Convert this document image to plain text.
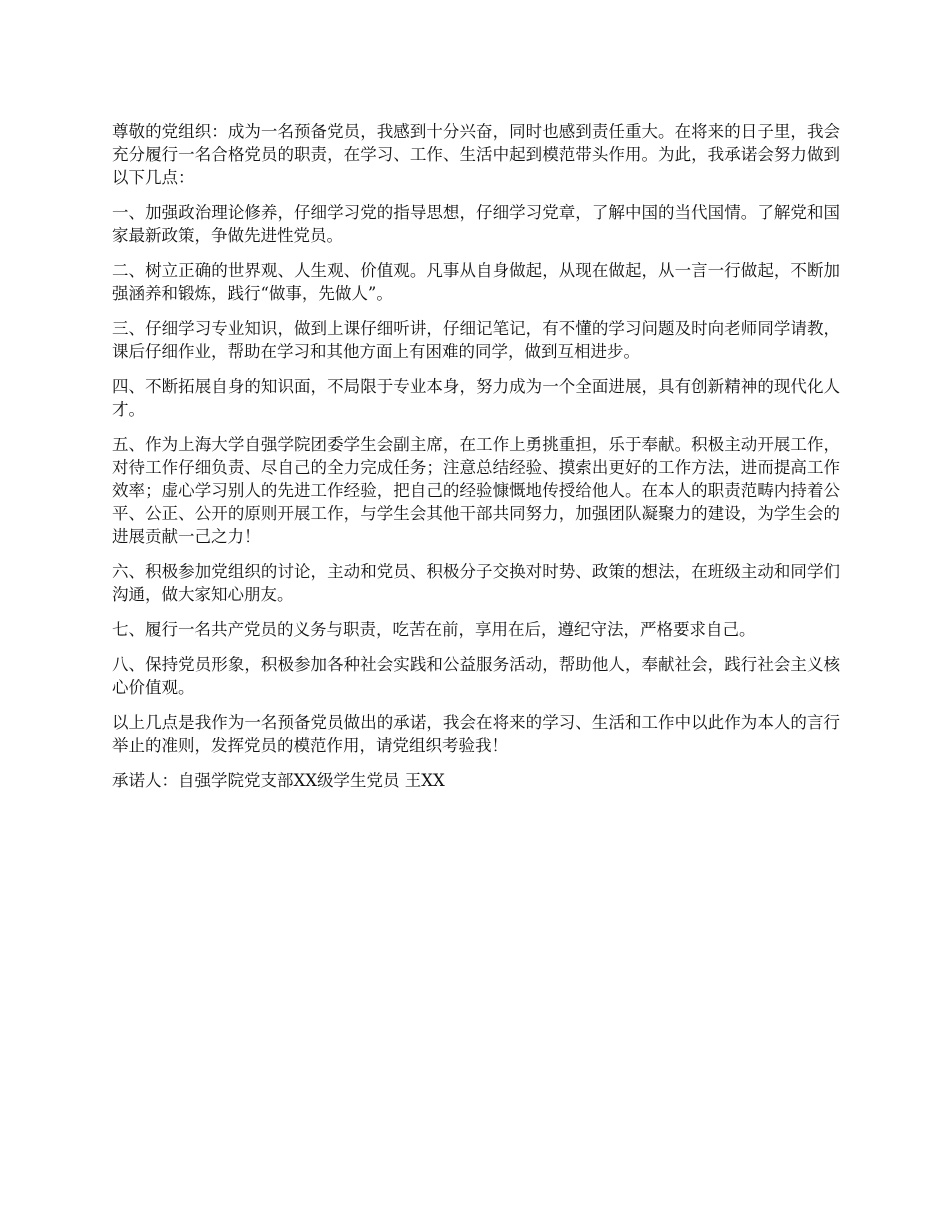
尊敬的党组织：成为一名预备党员，我感到十分兴奋，同时也感到责任重大。在将来的日子里，我会充分履行一名合格党员的职责，在学习、工作、生活中起到模范带头作用。为此，我承诺会努力做到以下几点：

一、加强政治理论修养，仔细学习党的指导思想，仔细学习党章，了解中国的当代国情。了解党和国家最新政策，争做先进性党员。

二、树立正确的世界观、人生观、价值观。凡事从自身做起，从现在做起，从一言一行做起，不断加强涵养和锻炼，践行“做事，先做人”。

三、仔细学习专业知识，做到上课仔细听讲，仔细记笔记，有不懂的学习问题及时向老师同学请教，课后仔细作业，帮助在学习和其他方面上有困难的同学，做到互相进步。

四、不断拓展自身的知识面，不局限于专业本身，努力成为一个全面进展，具有创新精神的现代化人才。

五、作为上海大学自强学院团委学生会副主席，在工作上勇挑重担，乐于奉献。积极主动开展工作，对待工作仔细负责、尽自己的全力完成任务；注意总结经验、摸索出更好的工作方法，进而提高工作效率；虚心学习别人的先进工作经验，把自己的经验慷慨地传授给他人。在本人的职责范畴内持着公平、公正、公开的原则开展工作，与学生会其他干部共同努力，加强团队凝聚力的建设，为学生会的进展贡献一己之力！

六、积极参加党组织的讨论，主动和党员、积极分子交换对时势、政策的想法，在班级主动和同学们沟通，做大家知心朋友。

七、履行一名共产党员的义务与职责，吃苦在前，享用在后，遵纪守法，严格要求自己。

八、保持党员形象，积极参加各种社会实践和公益服务活动，帮助他人，奉献社会，践行社会主义核心价值观。

以上几点是我作为一名预备党员做出的承诺，我会在将来的学习、生活和工作中以此作为本人的言行举止的准则，发挥党员的模范作用，请党组织考验我！

承诺人：自强学院党支部XX级学生党员 王XX
